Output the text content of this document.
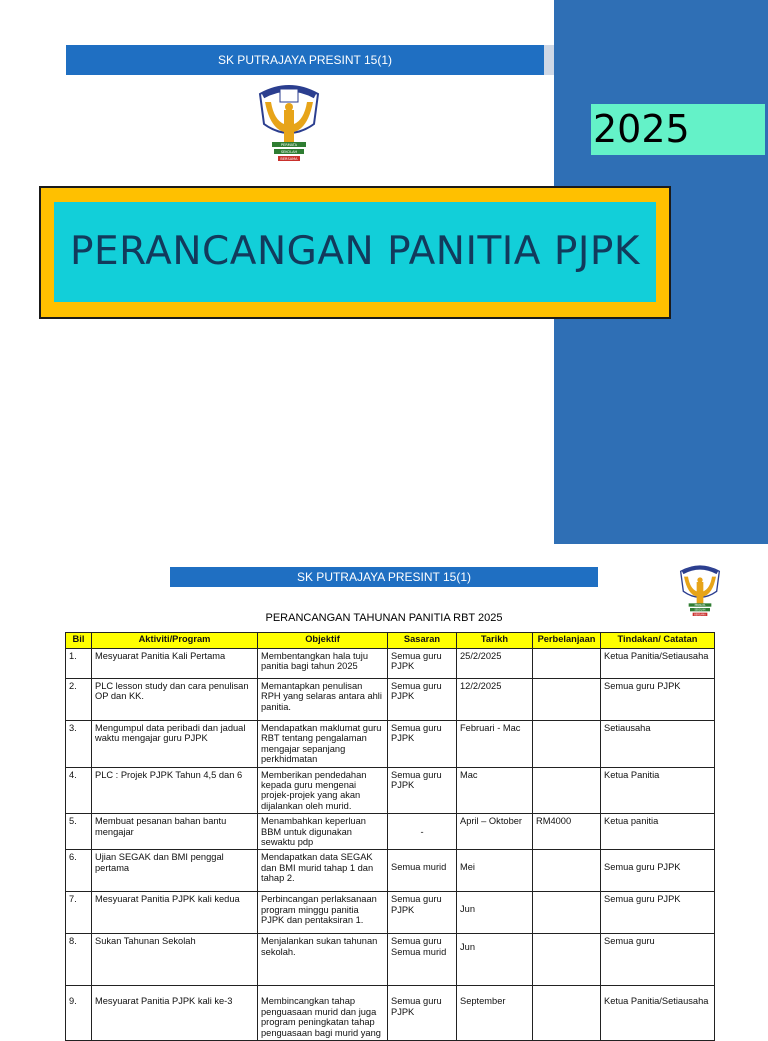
2025
SK PUTRAJAYA PRESINT 15(1)
PERMATA
SEKOLAH
BERSAMA
PERANCANGAN PANITIA PJPK
SK PUTRAJAYA PRESINT 15(1)
PERMATA
SEKOLAH
BERSAMA
PERANCANGAN TAHUNAN PANITIA RBT 2025
Bil	Aktiviti/Program	Objektif	Sasaran	Tarikh	Perbelanjaan	Tindakan/ Catatan
1.	Mesyuarat Panitia Kali Pertama	Membentangkan hala tuju panitia bagi tahun 2025	Semua guru PJPK	25/2/2025		Ketua Panitia/Setiausaha
2.	PLC lesson study dan cara penulisan OP dan KK.	Memantapkan penulisan RPH yang selaras antara ahli panitia.	Semua guru PJPK	12/2/2025		Semua guru PJPK
3.	Mengumpul data peribadi dan jadual waktu mengajar guru PJPK	Mendapatkan maklumat guru RBT tentang pengalaman mengajar sepanjang perkhidmatan	Semua guru PJPK	Februari - Mac		Setiausaha
4.	PLC : Projek PJPK Tahun 4,5 dan 6	Memberikan pendedahan kepada guru mengenai projek-projek yang akan dijalankan oleh murid.	Semua guru PJPK	Mac		Ketua Panitia
5.	Membuat pesanan bahan bantu mengajar	Menambahkan keperluan BBM untuk digunakan sewaktu pdp	-	April – Oktober	RM4000	Ketua panitia
6.	Ujian SEGAK dan BMI penggal pertama	Mendapatkan data SEGAK dan BMI murid tahap 1 dan tahap 2.	Semua murid	Mei		Semua guru PJPK
7.	Mesyuarat Panitia PJPK kali kedua	Perbincangan perlaksanaan program minggu panitia PJPK dan pentaksiran 1.	Semua guru PJPK	Jun		Semua guru PJPK
8.	Sukan Tahunan Sekolah	Menjalankan sukan tahunan sekolah.	Semua guru Semua murid	Jun		Semua guru
9.	Mesyuarat Panitia PJPK kali ke-3	Membincangkan tahap penguasaan murid dan juga program peningkatan tahap penguasaan bagi murid yang	Semua guru PJPK	September		Ketua Panitia/Setiausaha
